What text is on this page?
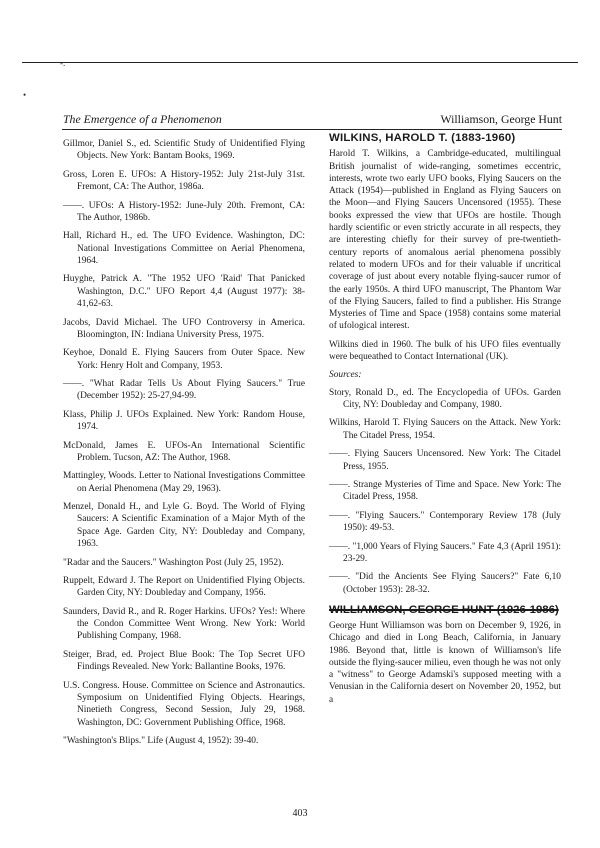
-.
•
The Emergence of a Phenomenon	Williamson, George Hunt

Gillmor, Daniel S., ed. Scientific Study of Unidentified Flying Objects. New York: Bantam Books, 1969.

Gross, Loren E. UFOs: A History-1952: July 21st-July 31st. Fremont, CA: The Author, 1986a.

——. UFOs: A History-1952: June-July 20th. Fremont, CA: The Author, 1986b.

Hall, Richard H., ed. The UFO Evidence. Washington, DC: National Investigations Committee on Aerial Phenomena, 1964.

Huyghe, Patrick A. "The 1952 UFO 'Raid' That Panicked Washington, D.C." UFO Report 4,4 (August 1977): 38-41,62-63.

Jacobs, David Michael. The UFO Controversy in America. Bloomington, IN: Indiana University Press, 1975.

Keyhoe, Donald E. Flying Saucers from Outer Space. New York: Henry Holt and Company, 1953.

——. "What Radar Tells Us About Flying Saucers." True (December 1952): 25-27,94-99.

Klass, Philip J. UFOs Explained. New York: Random House, 1974.

McDonald, James E. UFOs-An International Scientific Problem. Tucson, AZ: The Author, 1968.

Mattingley, Woods. Letter to National Investigations Committee on Aerial Phenomena (May 29, 1963).

Menzel, Donald H., and Lyle G. Boyd. The World of Flying Saucers: A Scientific Examination of a Major Myth of the Space Age. Garden City, NY: Doubleday and Company, 1963.

"Radar and the Saucers." Washington Post (July 25, 1952).

Ruppelt, Edward J. The Report on Unidentified Flying Objects. Garden City, NY: Doubleday and Company, 1956.

Saunders, David R., and R. Roger Harkins. UFOs? Yes!: Where the Condon Committee Went Wrong. New York: World Publishing Company, 1968.

Steiger, Brad, ed. Project Blue Book: The Top Secret UFO Findings Revealed. New York: Ballantine Books, 1976.

U.S. Congress. House. Committee on Science and Astronautics. Symposium on Unidentified Flying Objects. Hearings, Ninetieth Congress, Second Session, July 29, 1968. Washington, DC: Government Publishing Office, 1968.

"Washington's Blips." Life (August 4, 1952): 39-40.

WILKINS, HAROLD T. (1883-1960)

Harold T. Wilkins, a Cambridge-educated, multilingual British journalist of wide-ranging, sometimes eccentric, interests, wrote two early UFO books, Flying Saucers on the Attack (1954)—published in England as Flying Saucers on the Moon—and Flying Saucers Uncensored (1955). These books expressed the view that UFOs are hostile. Though hardly scientific or even strictly accurate in all respects, they are interesting chiefly for their survey of pre-twentieth-century reports of anomalous aerial phenomena possibly related to modern UFOs and for their valuable if uncritical coverage of just about every notable flying-saucer rumor of the early 1950s. A third UFO manuscript, The Phantom War of the Flying Saucers, failed to find a publisher. His Strange Mysteries of Time and Space (1958) contains some material of ufological interest.

Wilkins died in 1960. The bulk of his UFO files eventually were bequeathed to Contact International (UK).

Sources:

Story, Ronald D., ed. The Encyclopedia of UFOs. Garden City, NY: Doubleday and Company, 1980.

Wilkins, Harold T. Flying Saucers on the Attack. New York: The Citadel Press, 1954.

——. Flying Saucers Uncensored. New York: The Citadel Press, 1955.

——. Strange Mysteries of Time and Space. New York: The Citadel Press, 1958.

——. "Flying Saucers." Contemporary Review 178 (July 1950): 49-53.

——. "1,000 Years of Flying Saucers." Fate 4,3 (April 1951): 23-29.

——. "Did the Ancients See Flying Saucers?" Fate 6,10 (October 1953): 28-32.

WILLIAMSON, GEORGE HUNT (1926-1986)

George Hunt Williamson was born on December 9, 1926, in Chicago and died in Long Beach, California, in January 1986. Beyond that, little is known of Williamson's life outside the flying-saucer milieu, even though he was not only a "witness" to George Adamski's supposed meeting with a Venusian in the California desert on November 20, 1952, but a

403
